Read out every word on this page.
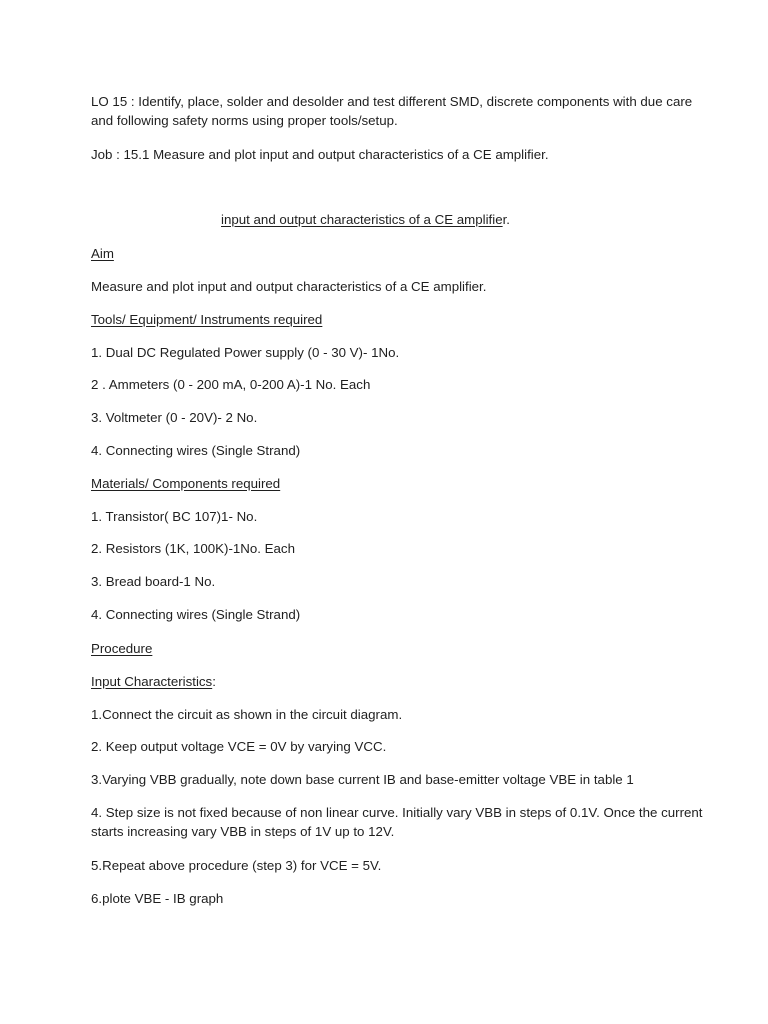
LO 15 : Identify, place, solder and desolder and test different SMD, discrete components with due care and following safety norms using proper tools/setup.

Job : 15.1 Measure and plot input and output characteristics of a CE amplifier.

input and output characteristics of a CE amplifier.

Aim

Measure and plot input and output characteristics of a CE amplifier.

Tools/ Equipment/ Instruments required

1. Dual DC Regulated Power supply (0 - 30 V)- 1No.

2 . Ammeters (0 - 200 mA, 0-200 A)-1 No. Each

3. Voltmeter (0 - 20V)- 2 No.

4. Connecting wires (Single Strand)

Materials/ Components required

1. Transistor( BC 107)1- No.

2. Resistors (1K, 100K)-1No. Each

3. Bread board-1 No.

4. Connecting wires (Single Strand)

Procedure

Input Characteristics:

1.Connect the circuit as shown in the circuit diagram.

2. Keep output voltage VCE = 0V by varying VCC.

3.Varying VBB gradually, note down base current IB and base-emitter voltage VBE in table 1

4. Step size is not fixed because of non linear curve. Initially vary VBB in steps of 0.1V. Once the current starts increasing vary VBB in steps of 1V up to 12V.

5.Repeat above procedure (step 3) for VCE = 5V.

6.plote VBE - IB graph
